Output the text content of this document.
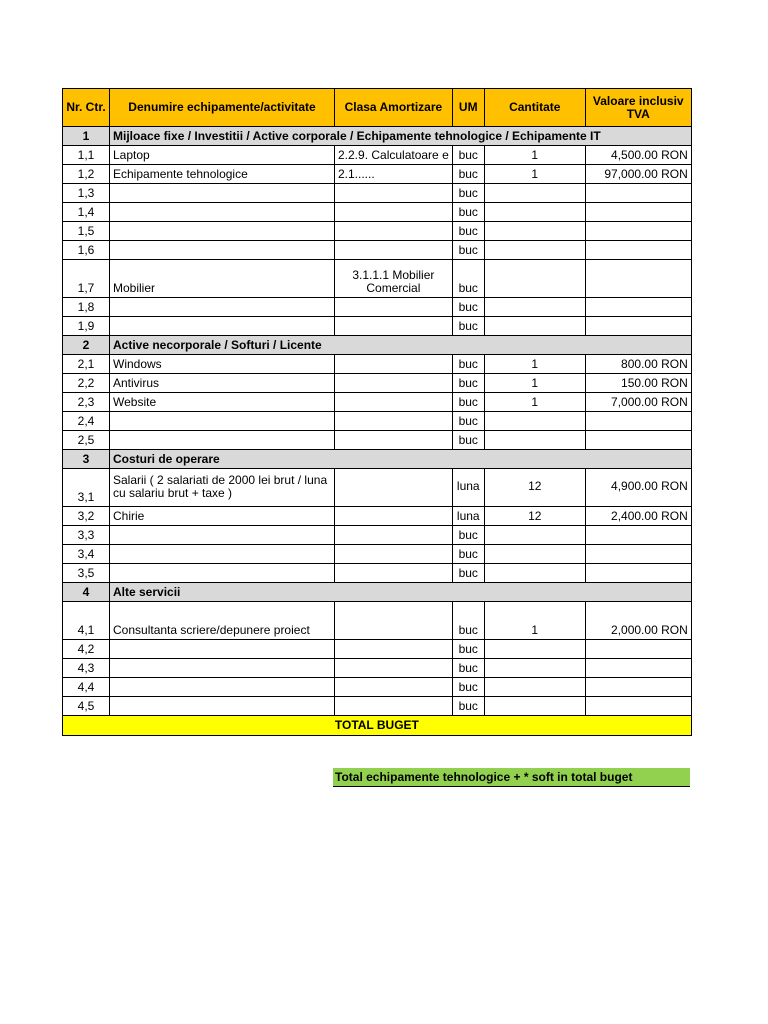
Nr. Ctr.	Denumire echipamente/activitate	Clasa Amortizare	UM	Cantitate	Valoare inclusiv TVA
1	Mijloace fixe / Investitii / Active corporale / Echipamente tehnologice / Echipamente IT				
1,1	Laptop	2.2.9. Calculatoare e	buc	1	4,500.00 RON
1,2	Echipamente tehnologice	2.1......	buc	1	97,000.00 RON
1,3			buc		
1,4			buc		
1,5			buc		
1,6			buc		
1,7	Mobilier	3.1.1.1 Mobilier Comercial	buc		
1,8			buc		
1,9			buc		
2	Active necorporale / Softuri / Licente				
2,1	Windows		buc	1	800.00 RON
2,2	Antivirus		buc	1	150.00 RON
2,3	Website		buc	1	7,000.00 RON
2,4			buc		
2,5			buc		
3	Costuri de operare				
3,1	Salarii ( 2 salariati de 2000 lei brut / luna cu salariu brut + taxe )		luna	12	4,900.00 RON
3,2	Chirie		luna	12	2,400.00 RON
3,3			buc		
3,4			buc		
3,5			buc		
4	Alte servicii				
4,1	Consultanta scriere/depunere proiect		buc	1	2,000.00 RON
4,2			buc		
4,3			buc		
4,4			buc		
4,5			buc		
TOTAL BUGET					
Total echipamente tehnologice + * soft in total buget
